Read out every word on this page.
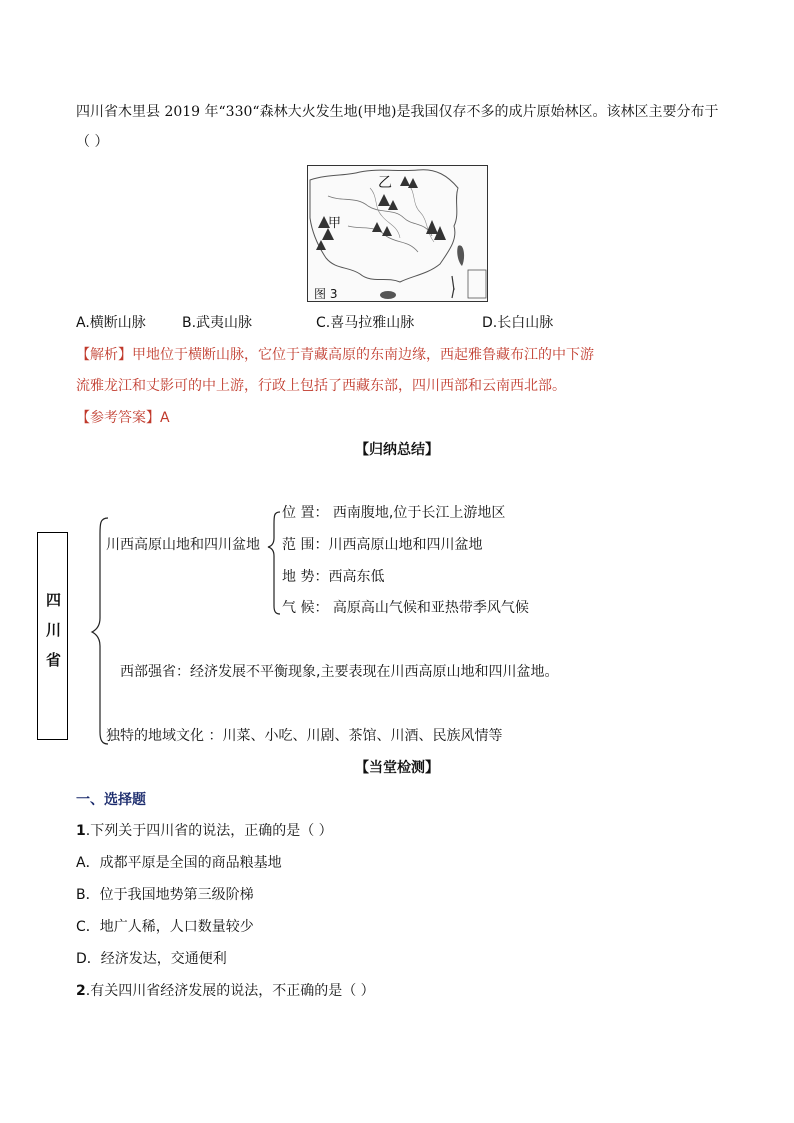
四川省木里县 2019 年“330“森林大火发生地(甲地)是我国仅存不多的成片原始林区。该林区主要分布于
（ ）
乙
甲
图 3
A.横断山脉	B.武夷山脉	C.喜马拉雅山脉	D.长白山脉
【解析】甲地位于横断山脉，它位于青藏高原的东南边缘，西起雅鲁藏布江的中下游
流雅龙江和丈影可的中上游，行政上包括了西藏东部，四川西部和云南西北部。
【参考答案】A
【归纳总结】
四
川
省
川西高原山地和四川盆地
位 置： 西南腹地,位于长江上游地区
范 围：川西高原山地和四川盆地
地 势：西高东低
气 候： 高原高山气候和亚热带季风气候
西部强省：经济发展不平衡现象,主要表现在川西高原山地和四川盆地。
独特的地域文化 ：川菜、小吃、川剧、茶馆、川酒、民族风情等
【当堂检测】
一、选择题
1.下列关于四川省的说法，正确的是（ ）
A．成都平原是全国的商品粮基地
B．位于我国地势第三级阶梯
C．地广人稀，人口数量较少
D．经济发达，交通便利
2.有关四川省经济发展的说法，不正确的是（ ）
